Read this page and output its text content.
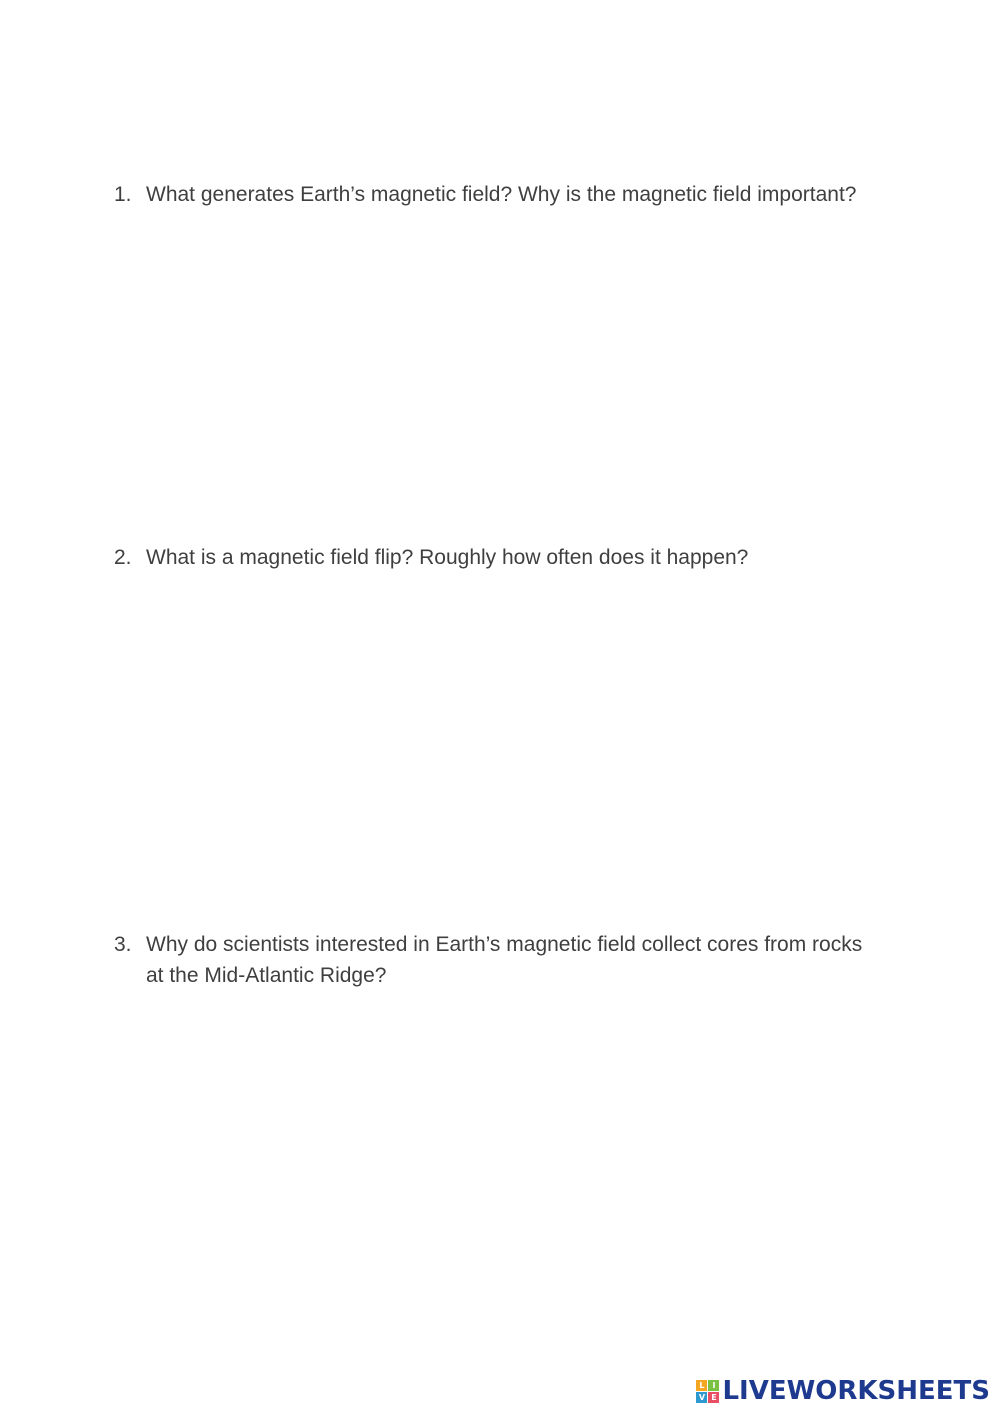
1. What generates Earth’s magnetic field? Why is the magnetic field important?
2. What is a magnetic field flip? Roughly how often does it happen?
3. Why do scientists interested in Earth’s magnetic field collect cores from rocks at the Mid-Atlantic Ridge?
L I
V E LIVEWORKSHEETS
